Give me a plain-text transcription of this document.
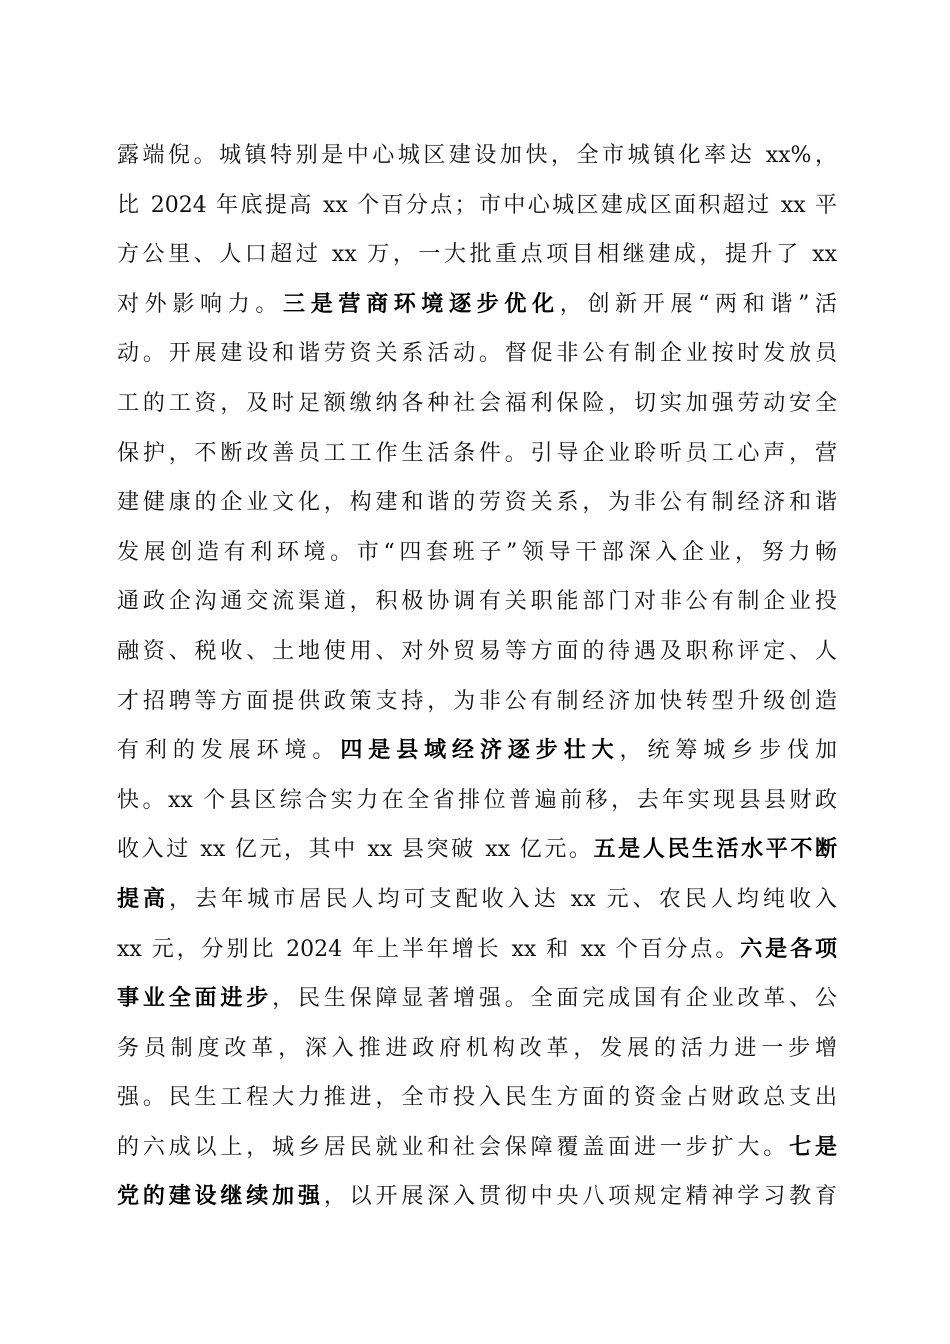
露端倪。城镇特别是中心城区建设加快，全市城镇化率达 xx%，
比 2024 年底提高 xx 个百分点；市中心城区建成区面积超过 xx 平
方公里、人口超过 xx 万，一大批重点项目相继建成，提升了 xx
对外影响力。三是营商环境逐步优化，创新开展“两和谐”活
动。开展建设和谐劳资关系活动。督促非公有制企业按时发放员
工的工资，及时足额缴纳各种社会福利保险，切实加强劳动安全
保护，不断改善员工工作生活条件。引导企业聆听员工心声，营
建健康的企业文化，构建和谐的劳资关系，为非公有制经济和谐
发展创造有利环境。市“四套班子”领导干部深入企业，努力畅
通政企沟通交流渠道，积极协调有关职能部门对非公有制企业投
融资、税收、土地使用、对外贸易等方面的待遇及职称评定、人
才招聘等方面提供政策支持，为非公有制经济加快转型升级创造
有利的发展环境。四是县域经济逐步壮大，统筹城乡步伐加
快。xx 个县区综合实力在全省排位普遍前移，去年实现县县财政
收入过 xx 亿元，其中 xx 县突破 xx 亿元。五是人民生活水平不断
提高，去年城市居民人均可支配收入达 xx 元、农民人均纯收入
xx 元，分别比 2024 年上半年增长 xx 和 xx 个百分点。六是各项
事业全面进步，民生保障显著增强。全面完成国有企业改革、公
务员制度改革，深入推进政府机构改革，发展的活力进一步增
强。民生工程大力推进，全市投入民生方面的资金占财政总支出
的六成以上，城乡居民就业和社会保障覆盖面进一步扩大。七是
党的建设继续加强，以开展深入贯彻中央八项规定精神学习教育
